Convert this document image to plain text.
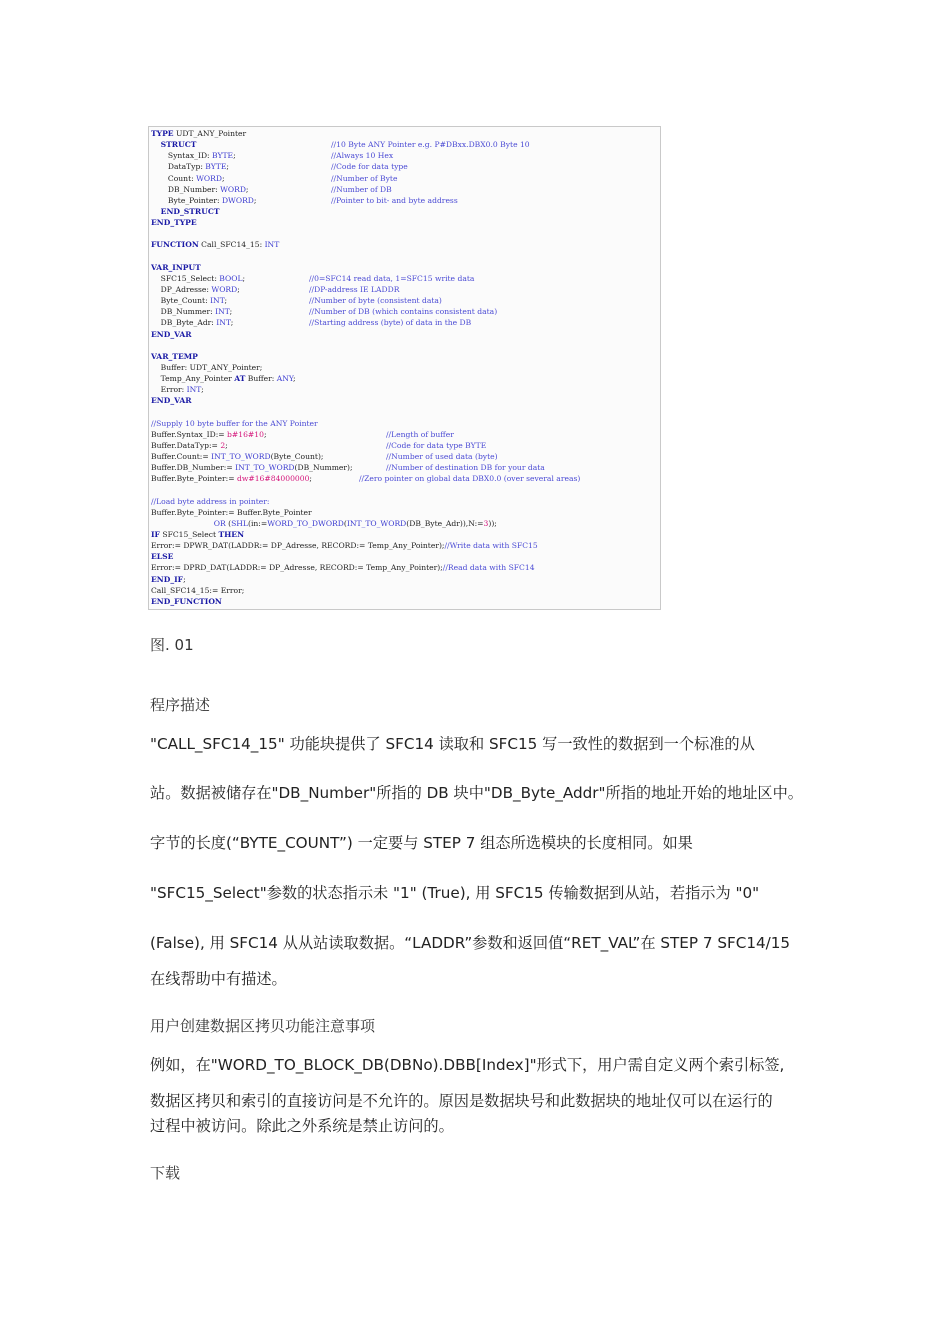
TYPE UDT_ANY_Pointer
STRUCT	//10 Byte ANY Pointer e.g. P#DBxx.DBX0.0 Byte 10
Syntax_ID: BYTE;	//Always 10 Hex
DataTyp: BYTE;	//Code for data type
Count: WORD;	//Number of Byte
DB_Number: WORD;	//Number of DB
Byte_Pointer: DWORD;	//Pointer to bit- and byte address
END_STRUCT
END_TYPE
FUNCTION Call_SFC14_15: INT
VAR_INPUT
SFC15_Select: BOOL;	//0=SFC14 read data, 1=SFC15 write data
DP_Adresse: WORD;	//DP-address IE LADDR
Byte_Count: INT;	//Number of byte (consistent data)
DB_Nummer: INT;	//Number of DB (which contains consistent data)
DB_Byte_Adr: INT;	//Starting address (byte) of data in the DB
END_VAR
VAR_TEMP
Buffer: UDT_ANY_Pointer;
Temp_Any_Pointer AT Buffer: ANY;
Error: INT;
END_VAR
//Supply 10 byte buffer for the ANY Pointer
Buffer.Syntax_ID:= b#16#10;	//Length of buffer
Buffer.DataTyp:= 2;	//Code for data type BYTE
Buffer.Count:= INT_TO_WORD(Byte_Count);	//Number of used data (byte)
Buffer.DB_Number:= INT_TO_WORD(DB_Nummer);	//Number of destination DB for your data
Buffer.Byte_Pointer:= dw#16#84000000;	//Zero pointer on global data DBX0.0 (over several areas)
//Load byte address in pointer:
Buffer.Byte_Pointer:= Buffer.Byte_Pointer
OR (SHL(in:=WORD_TO_DWORD(INT_TO_WORD(DB_Byte_Adr)),N:=3));
IF SFC15_Select THEN
Error:= DPWR_DAT(LADDR:= DP_Adresse, RECORD:= Temp_Any_Pointer);//Write data with SFC15
ELSE
Error:= DPRD_DAT(LADDR:= DP_Adresse, RECORD:= Temp_Any_Pointer);//Read data with SFC14
END_IF;
Call_SFC14_15:= Error;
END_FUNCTION
图. 01
程序描述
"CALL_SFC14_15" 功能块提供了 SFC14 读取和 SFC15 写一致性的数据到一个标准的从
站。数据被储存在"DB_Number"所指的 DB 块中"DB_Byte_Addr"所指的地址开始的地址区中。
字节的长度(“BYTE_COUNT”) 一定要与 STEP 7 组态所选模块的长度相同。如果
"SFC15_Select"参数的状态指示未 "1" (True), 用 SFC15 传输数据到从站，若指示为 "0"
(False), 用 SFC14 从从站读取数据。“LADDR”参数和返回值“RET_VAL”在 STEP 7 SFC14/15
在线帮助中有描述。
用户创建数据区拷贝功能注意事项
例如，在"WORD_TO_BLOCK_DB(DBNo).DBB[Index]"形式下，用户需自定义两个索引标签,
数据区拷贝和索引的直接访问是不允许的。原因是数据块号和此数据块的地址仅可以在运行的
过程中被访问。除此之外系统是禁止访问的。
下载
